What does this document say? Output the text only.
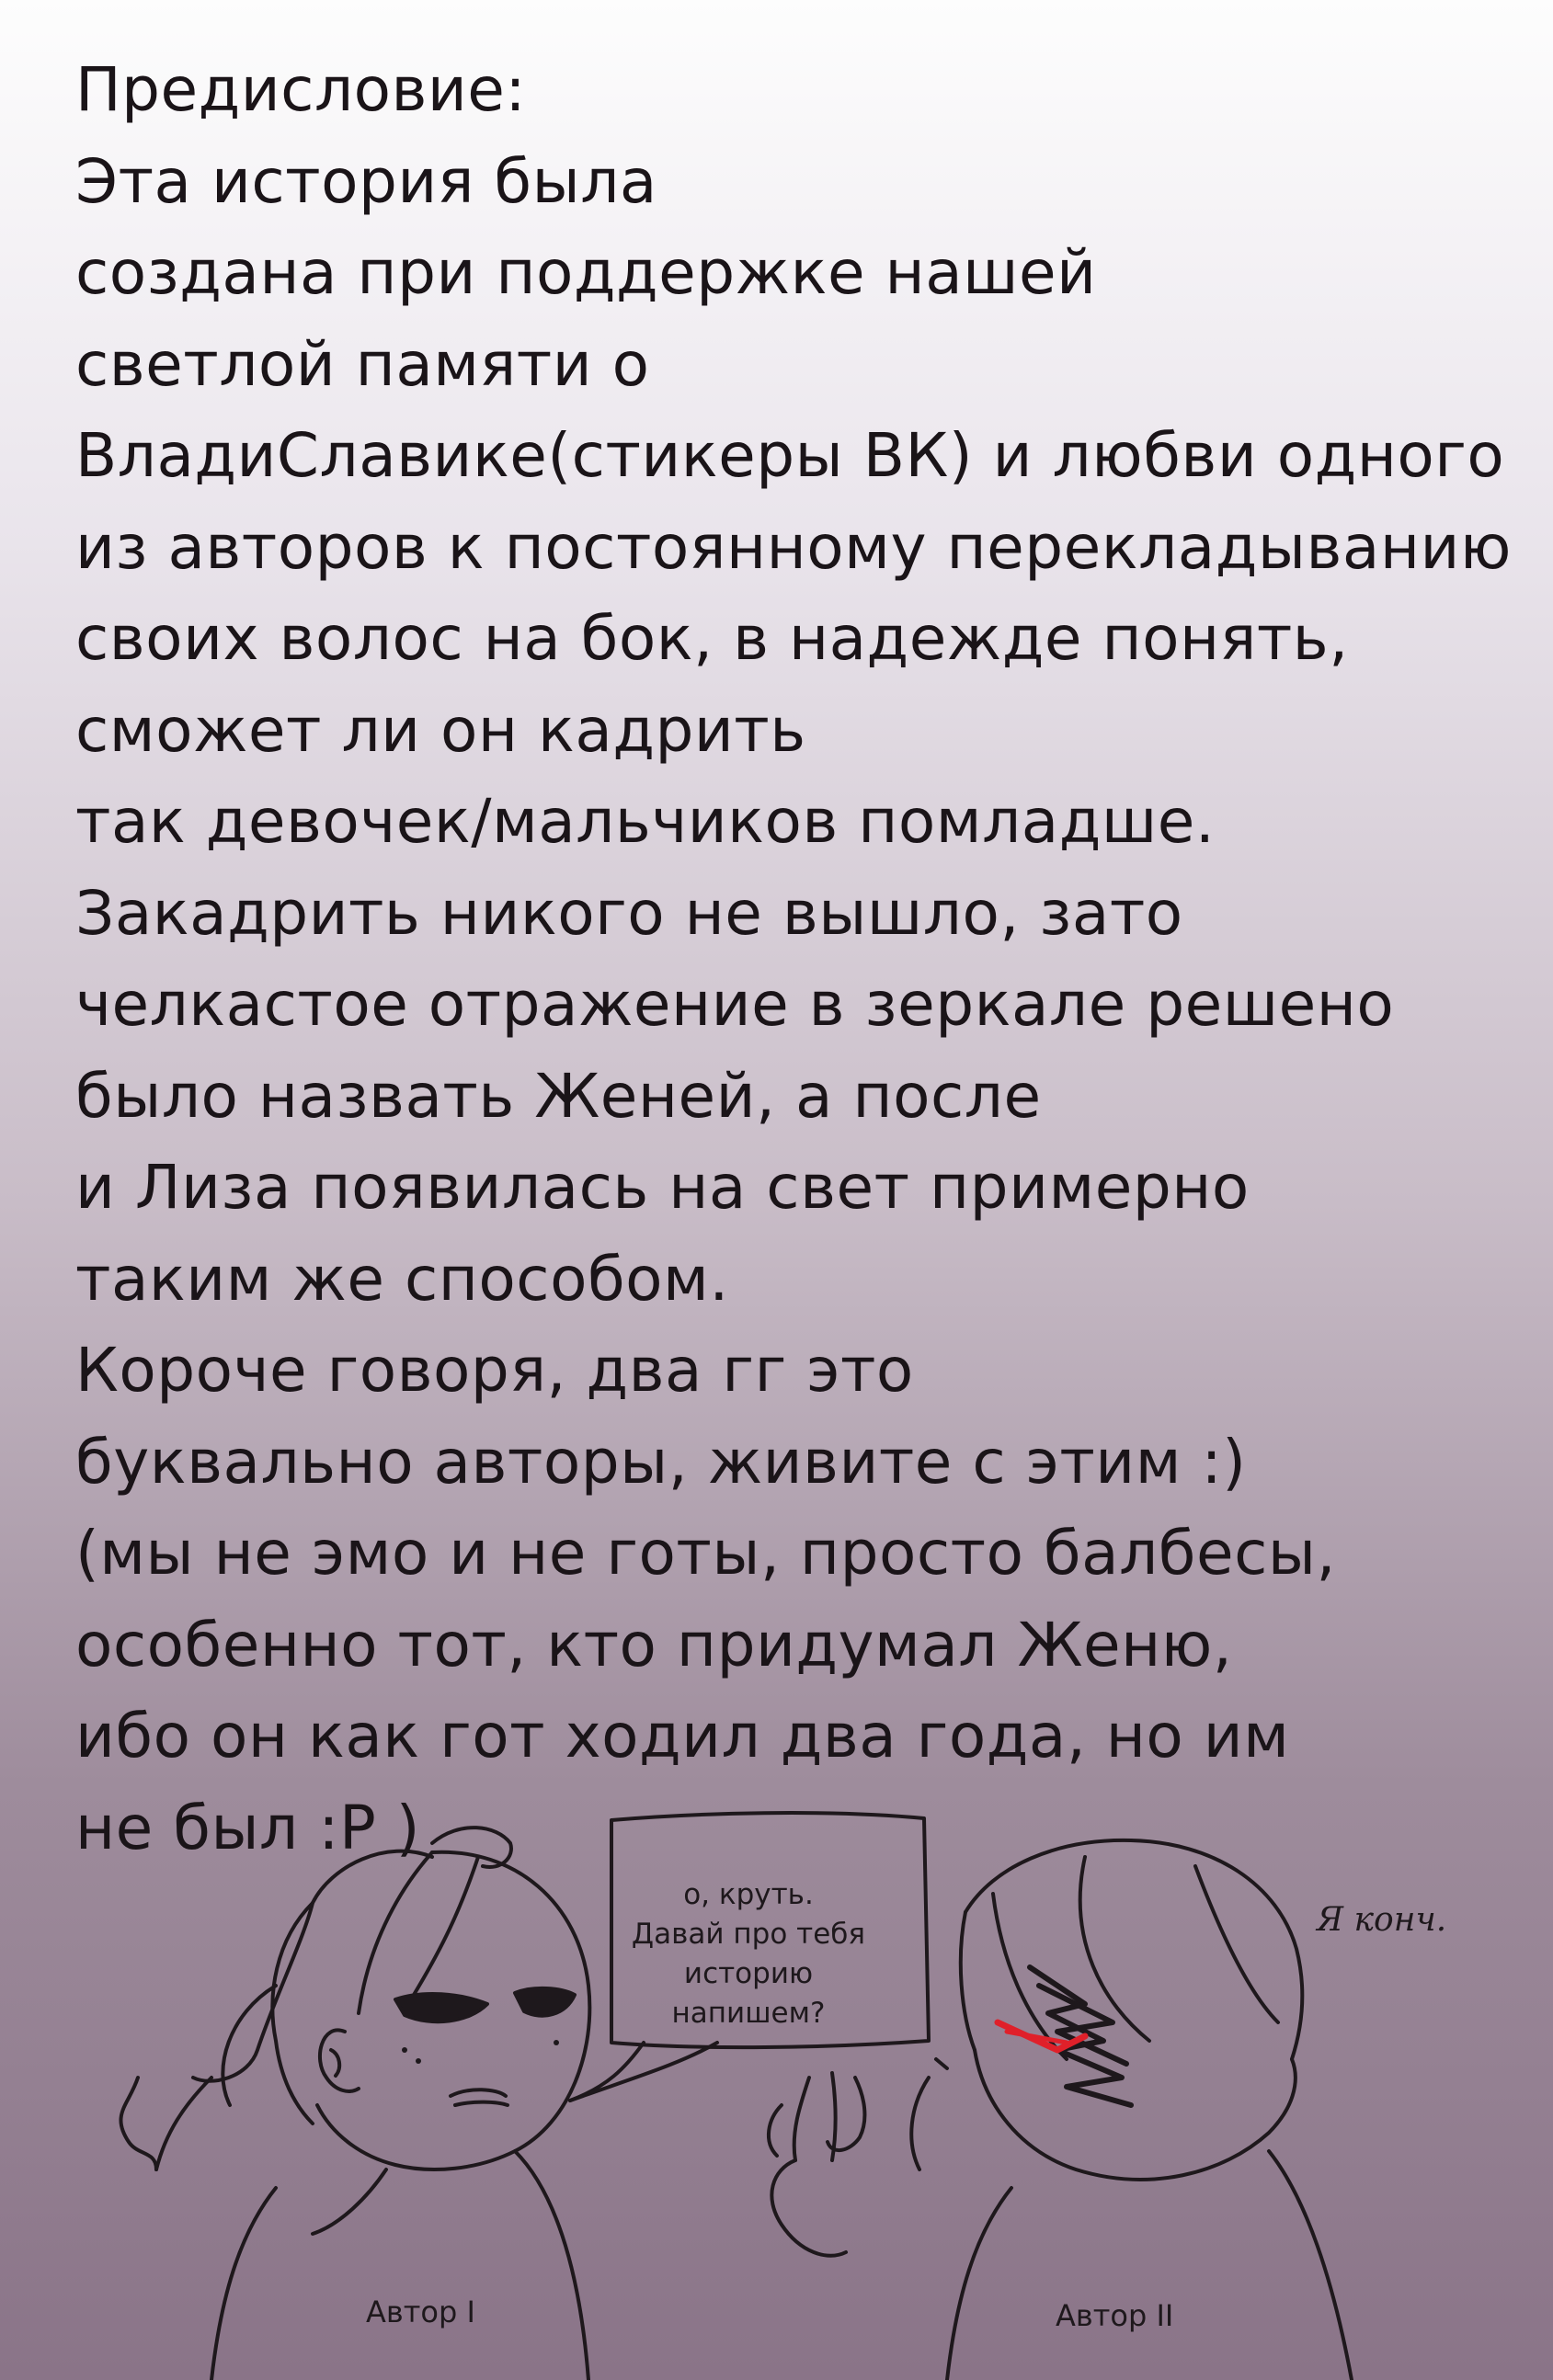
Предисловие:
Эта история была
создана при поддержке нашей
светлой памяти о
ВладиСлавике(стикеры ВК) и любви одного
из авторов к постоянному перекладыванию
своих волос на бок, в надежде понять,
сможет ли он кадрить
так девочек/мальчиков помладше.
Закадрить никого не вышло, зато
челкастое отражение в зеркале решено
было назвать Женей, а после
и Лиза появилась на свет примерно
таким же способом.
Короче говоря, два гг это
буквально авторы, живите с этим :)
(мы не эмо и не готы, просто балбесы,
особенно тот, кто придумал Женю,
ибо он как гот ходил два года, но им
не был :P )
о, круть.
Давай про тебя
историю
напишем?
Я конч.
Автор I	Автор II
